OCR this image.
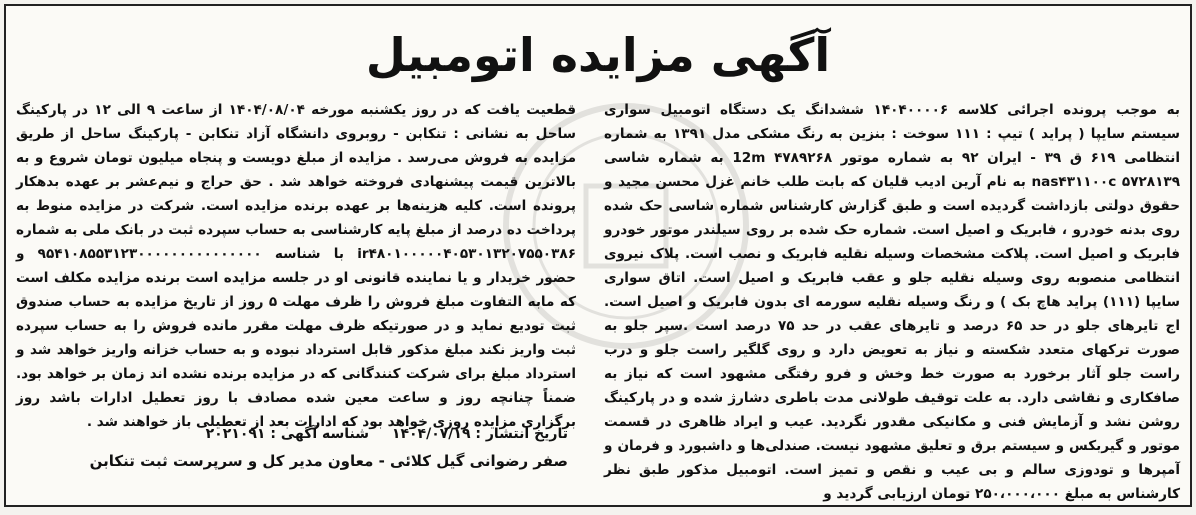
آگهی مزایده اتومبیل

به موجب پرونده اجرائی کلاسه ۱۴۰۴۰۰۰۰۶ ششدانگ یک دستگاه اتومبیل سواری سیستم سایپا ( پراید ) تیپ : ۱۱۱ سوخت : بنزین به رنگ مشکی مدل ۱۳۹۱ به شماره انتظامی ۶۱۹ ق ۳۹ - ایران ۹۲ به شماره موتور ۴۷۸۹۲۶۸ 12m به شماره شاسی ۵۷۲۸۱۳۹ nas۴۳۱۱۰۰c به نام آرین ادیب قلیان که بابت طلب خانم غزل محسن مجید و حقوق دولتی بازداشت گردیده است و طبق گزارش کارشناس شماره شاسی حک شده روی بدنه خودرو ، فابریک و اصیل است. شماره حک شده بر روی سیلندر موتور خودرو فابریک و اصیل است. پلاکت مشخصات وسیله نقلیه فابریک و نصب است. پلاک نیروی انتظامی منصوبه روی وسیله نقلیه جلو و عقب فابریک و اصیل است. اتاق سواری سایپا (۱۱۱) پراید هاچ بک ) و رنگ وسیله نقلیه سورمه ای بدون فابریک و اصیل است. اج تایرهای جلو در حد ۶۵ درصد و تایرهای عقب در حد ۷۵ درصد است .سپر جلو به صورت ترکهای متعدد شکسته و نیاز به تعویض دارد و روی گلگیر راست جلو و درب راست جلو آثار برخورد به صورت خط وخش و فرو رفتگی مشهود است که نیاز به صافکاری و نقاشی دارد. به علت توقیف طولانی مدت باطری دشارژ شده و در پارکینگ روشن نشد و آزمایش فنی و مکانیکی مقدور نگردید. عیب و ایراد ظاهری در قسمت موتور و گیربکس و سیستم برق و تعلیق مشهود نیست. صندلی‌ها و داشبورد و فرمان و آمپرها و تودوزی سالم و بی عیب و نقص و تمیز است. اتومبیل مذکور طبق نظر کارشناس به مبلغ ۲۵۰،۰۰۰،۰۰۰ تومان ارزیابی گردید و

قطعیت یافت که در روز یکشنبه مورخه ۱۴۰۴/۰۸/۰۴ از ساعت ۹ الی ۱۲ در پارکینگ ساحل به نشانی : تنکابن - روبروی دانشگاه آزاد تنکابن - پارکینگ ساحل از طریق مزایده به فروش می‌رسد . مزایده از مبلغ دویست و پنجاه میلیون تومان شروع و به بالاترین قیمت پیشنهادی فروخته خواهد شد . حق حراج و نیم‌عشر بر عهده بدهکار پرونده است. کلیه هزینه‌ها بر عهده برنده مزایده است. شرکت در مزایده منوط به پرداخت ده درصد از مبلغ پایه کارشناسی به حساب سپرده ثبت در بانک ملی به شماره ir۴۸۰۱۰۰۰۰۰۴۰۵۳۰۱۳۲۰۷۵۵۰۳۸۶ با شناسه ۹۵۴۱۰۸۵۵۳۱۲۳۰۰۰۰۰۰۰۰۰۰۰۰۰۰۰ و حضور خریدار و یا نماینده قانونی او در جلسه مزایده است برنده مزایده مکلف است که مابه التفاوت مبلغ فروش را ظرف مهلت ۵ روز از تاریخ مزایده به حساب صندوق ثبت تودیع نماید و در صورتیکه ظرف مهلت مقرر مانده فروش را به حساب سپرده ثبت واریز نکند مبلغ مذکور قابل استرداد نبوده و به حساب خزانه واریز خواهد شد و استرداد مبلغ برای شرکت کنندگانی که در مزایده برنده نشده اند زمان بر خواهد بود. ضمناً چنانچه روز و ساعت معین شده مصادف با روز تعطیل ادارات باشد روز برگزاری مزایده روزی خواهد بود که ادارات بعد از تعطیلی باز خواهند شد .

تاریخ انتشار : ۱۴۰۴/۰۷/۱۹ شناسه آگهی : ۲۰۲۱۰۹۱
صفر رضوانی گیل کلائی - معاون مدیر کل و سرپرست ثبت تنکابن
